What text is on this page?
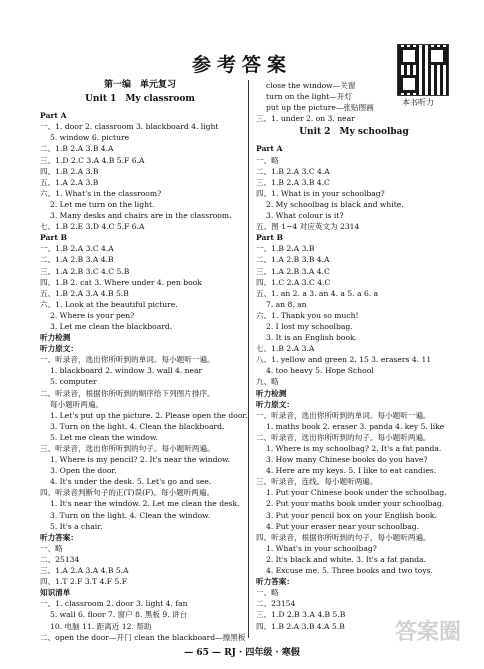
参考答案
本书听力
第一编　单元复习
Unit 1　My classroom
Part A
一、1. door 2. classroom 3. blackboard 4. light
5. window 6. picture
二、1.B 2.A 3.B 4.A
三、1.D 2.C 3.A 4.B 5.F 6.A
四、1.B 2.A 3.B
五、1.A 2.A 3.B
六、1. What's in the classroom?
2. Let me turn on the light.
3. Many desks and chairs are in the classroom.
七、1.B 2.E 3.D 4.C 5.F 6.A
Part B
一、1.B 2.A 3.C 4.A
二、1.A 2.B 3.A 4.B
三、1.A 2.B 3.C 4.C 5.B
四、1.B 2. cat 3. Where under 4. pen book
五、1.B 2.A 3.A 4.B 5.B
六、1. Look at the beautiful picture.
2. Where is your pen?
3. Let me clean the blackboard.
听力检测
听力原文：
一、听录音，选出你所听到的单词。每小题听一遍。
1. blackboard 2. window 3. wall 4. near
5. computer
二、听录音，根据你所听到的顺序给下列图片排序。
每小题听两遍。
1. Let's put up the picture. 2. Please open the door.
3. Turn on the light. 4. Clean the blackboard.
5. Let me clean the window.
三、听录音，选出你所听到的句子。每小题听两遍。
1. Where is my pencil? 2. It's near the window.
3. Open the door.
4. It's under the desk. 5. Let's go and see.
四、听录音判断句子的正(T)误(F)。每小题听两遍。
1. It's near the window. 2. Let me clean the desk.
3. Turn on the light. 4. Clean the window.
5. It's a chair.
听力答案：
一、略
二、25134
三、1.A 2.A 3.A 4.B 5.A
四、1.T 2.F 3.T 4.F 5.F
知识清单
一、1. classroom 2. door 3. light 4. fan
5. wall 6. floor 7. 窗户 8. 黑板 9. 讲台
10. 电脑 11. 距离近 12. 帮助
二、open the door—开门 clean the blackboard—擦黑板
close the window—关窗
turn on the light—开灯
put up the picture—张贴图画
三、1. under 2. on 3. near
Unit 2　My schoolbag
Part A
一、略
二、1.B 2.A 3.C 4.A
三、1.B 2.A 3.B 4.C
四、1. What is in your schoolbag?
2. My schoolbag is black and white.
3. What colour is it?
五、图 1~4 对应英文为 2314
Part B
一、1.B 2.A 3.B
二、1.A 2.B 3.B 4.A
三、1.A 2.B 3.A 4.C
四、1.C 2.A 3.C 4.C
五、1. an 2. a 3. an 4. a 5. a 6. a
7. an 8. an
六、1. Thank you so much!
2. I lost my schoolbag.
3. It is an English book.
七、1.B 2.A 3.A
八、1. yellow and green 2. 15 3. erasers 4. 11
4. too heavy 5. Hope School
九、略
听力检测
听力原文：
一、听录音，选出你所听到的单词。每小题听一遍。
1. maths book 2. eraser 3. panda 4. key 5. like
二、听录音，选出你所听到的句子。每小题听两遍。
1. Where is my schoolbag? 2. It's a fat panda.
3. How many Chinese books do you have?
4. Here are my keys. 5. I like to eat candies.
三、听录音，连线。每小题听两遍。
1. Put your Chinese book under the schoolbag.
2. Put your maths book under your schoolbag.
3. Put your pencil box on your English book.
4. Put your eraser near your schoolbag.
四、听录音，根据你所听到的句子，每小题听两遍。
1. What's in your schoolbag?
2. It's black and white. 3. It's a fat panda.
4. Excuse me. 5. Three books and two toys.
听力答案：
一、略
二、23154
三、1.D 2.B 3.A 4.B 5.B
四、1.B 2.A 3.B 4.A 5.B
— 65 — RJ · 四年级 · 寒假
答案圈
